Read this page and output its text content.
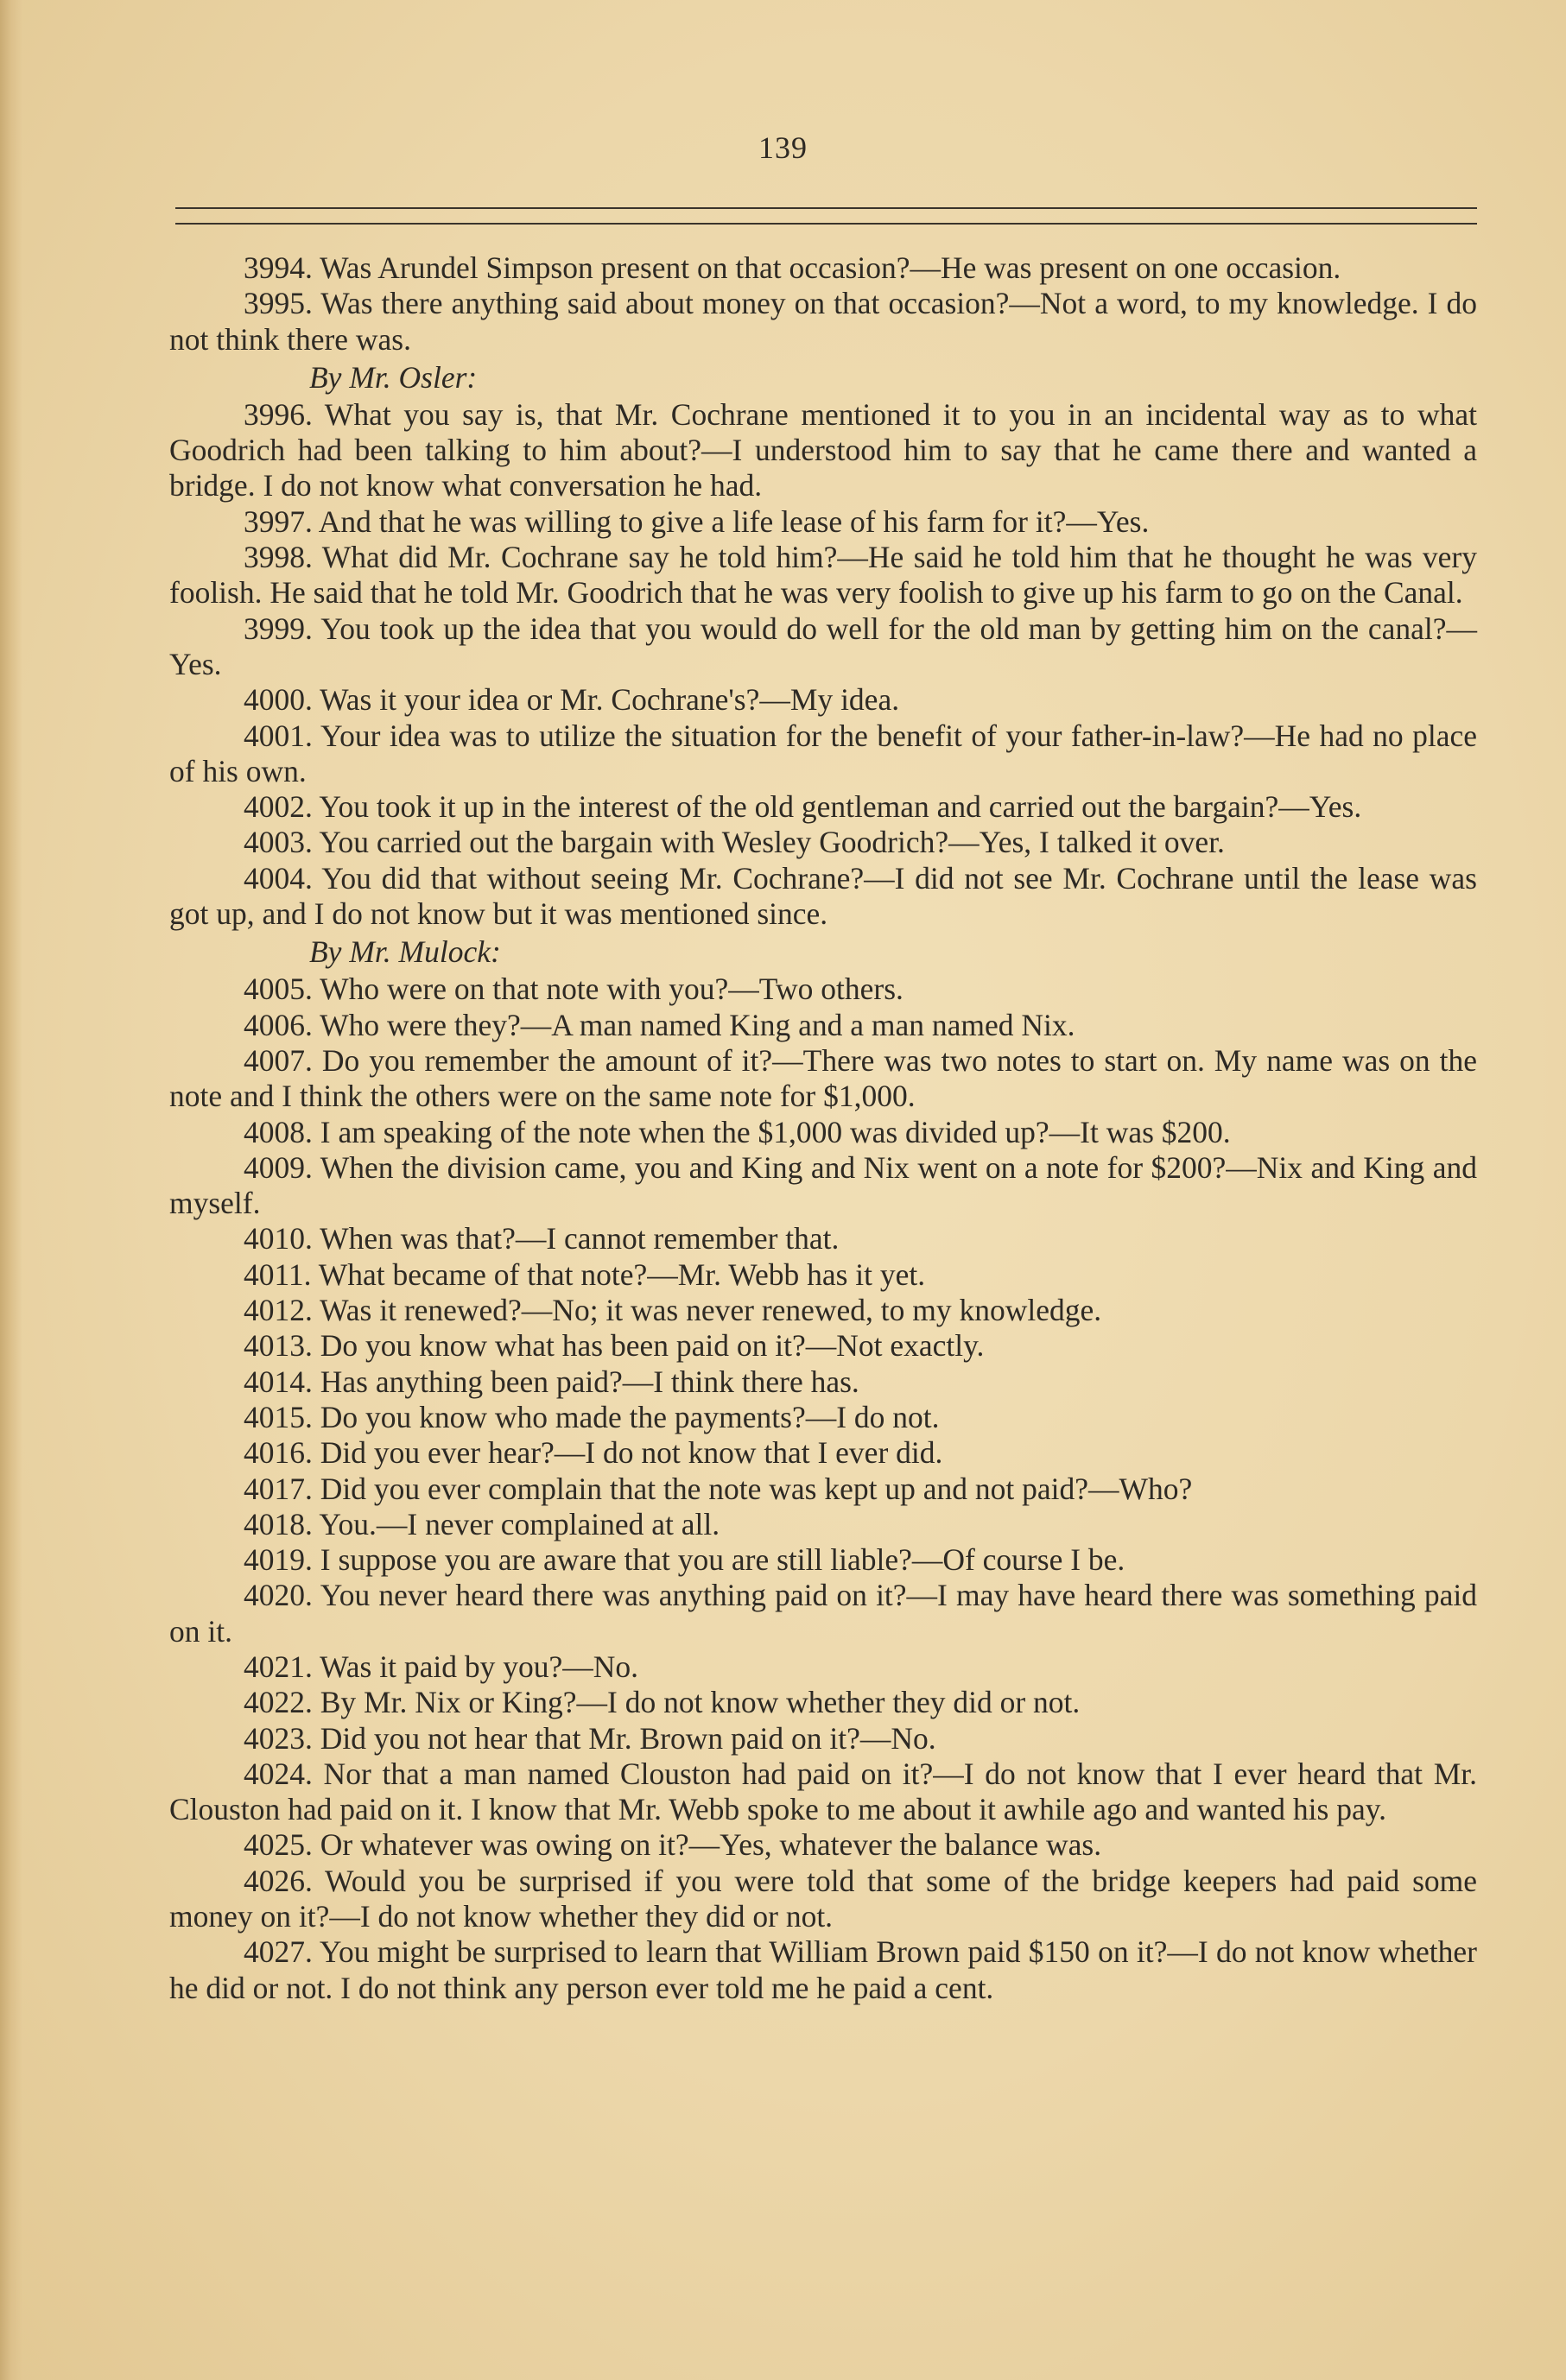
139

3994. Was Arundel Simpson present on that occasion?—He was present on one occasion.

3995. Was there anything said about money on that occasion?—Not a word, to my knowledge. I do not think there was.

By Mr. Osler:

3996. What you say is, that Mr. Cochrane mentioned it to you in an incidental way as to what Goodrich had been talking to him about?—I understood him to say that he came there and wanted a bridge. I do not know what conversation he had.

3997. And that he was willing to give a life lease of his farm for it?—Yes.

3998. What did Mr. Cochrane say he told him?—He said he told him that he thought he was very foolish. He said that he told Mr. Goodrich that he was very foolish to give up his farm to go on the Canal.

3999. You took up the idea that you would do well for the old man by getting him on the canal?—Yes.

4000. Was it your idea or Mr. Cochrane's?—My idea.

4001. Your idea was to utilize the situation for the benefit of your father-in-law?—He had no place of his own.

4002. You took it up in the interest of the old gentleman and carried out the bargain?—Yes.

4003. You carried out the bargain with Wesley Goodrich?—Yes, I talked it over.

4004. You did that without seeing Mr. Cochrane?—I did not see Mr. Cochrane until the lease was got up, and I do not know but it was mentioned since.

By Mr. Mulock:

4005. Who were on that note with you?—Two others.

4006. Who were they?—A man named King and a man named Nix.

4007. Do you remember the amount of it?—There was two notes to start on. My name was on the note and I think the others were on the same note for $1,000.

4008. I am speaking of the note when the $1,000 was divided up?—It was $200.

4009. When the division came, you and King and Nix went on a note for $200?—Nix and King and myself.

4010. When was that?—I cannot remember that.

4011. What became of that note?—Mr. Webb has it yet.

4012. Was it renewed?—No; it was never renewed, to my knowledge.

4013. Do you know what has been paid on it?—Not exactly.

4014. Has anything been paid?—I think there has.

4015. Do you know who made the payments?—I do not.

4016. Did you ever hear?—I do not know that I ever did.

4017. Did you ever complain that the note was kept up and not paid?—Who?

4018. You.—I never complained at all.

4019. I suppose you are aware that you are still liable?—Of course I be.

4020. You never heard there was anything paid on it?—I may have heard there was something paid on it.

4021. Was it paid by you?—No.

4022. By Mr. Nix or King?—I do not know whether they did or not.

4023. Did you not hear that Mr. Brown paid on it?—No.

4024. Nor that a man named Clouston had paid on it?—I do not know that I ever heard that Mr. Clouston had paid on it. I know that Mr. Webb spoke to me about it awhile ago and wanted his pay.

4025. Or whatever was owing on it?—Yes, whatever the balance was.

4026. Would you be surprised if you were told that some of the bridge keepers had paid some money on it?—I do not know whether they did or not.

4027. You might be surprised to learn that William Brown paid $150 on it?—I do not know whether he did or not. I do not think any person ever told me he paid a cent.
